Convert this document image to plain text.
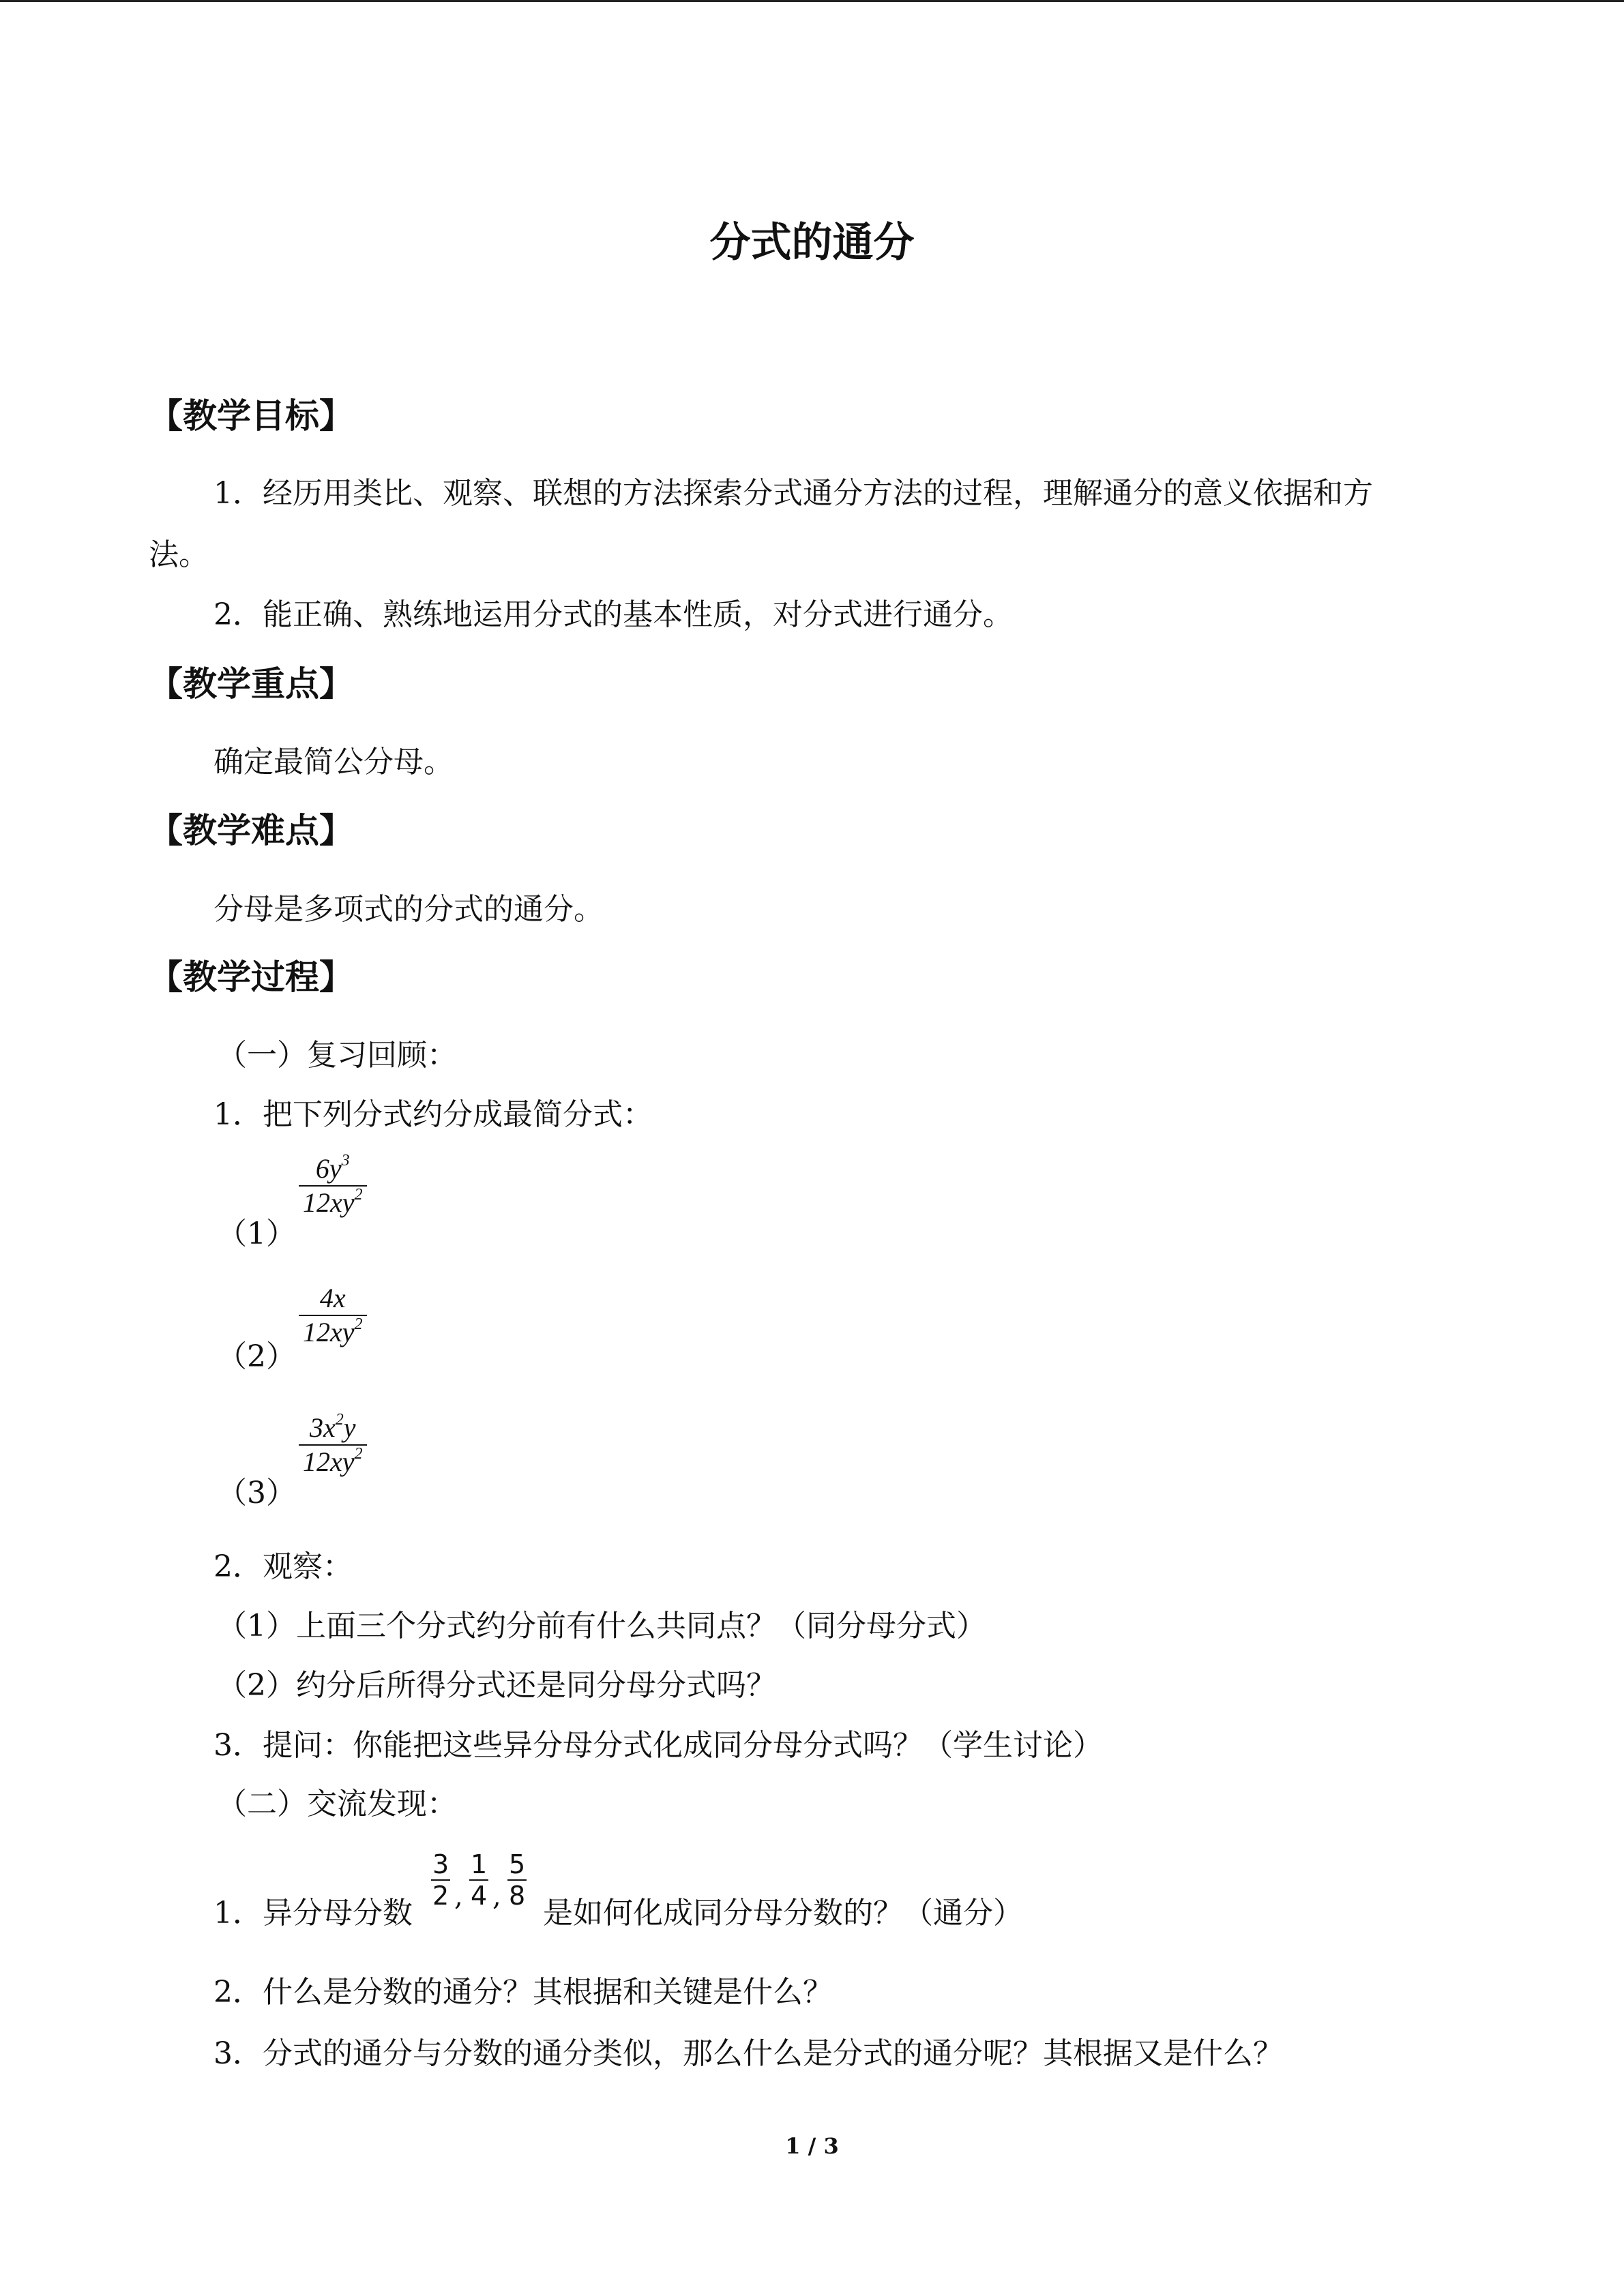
分式的通分
【教学目标】
1．经历用类比、观察、联想的方法探索分式通分方法的过程，理解通分的意义依据和方
法。
2．能正确、熟练地运用分式的基本性质，对分式进行通分。
【教学重点】
确定最简公分母。
【教学难点】
分母是多项式的分式的通分。
【教学过程】
（一）复习回顾：
1．把下列分式约分成最简分式：
（1）
$\frac{6y^3}{12xy^2}$
（2）
$\frac{4x}{12xy^2}$
（3）
$\frac{3x^2y}{12xy^2}$
2．观察：
（1）上面三个分式约分前有什么共同点？（同分母分式）
（2）约分后所得分式还是同分母分式吗？
3．提问：你能把这些异分母分式化成同分母分式吗？（学生讨论）
（二）交流发现：
1．异分母分数
$\frac{3}{2}$ , $\frac{1}{4}$ , $\frac{5}{8}$
是如何化成同分母分数的？（通分）
2．什么是分数的通分？其根据和关键是什么？
3．分式的通分与分数的通分类似，那么什么是分式的通分呢？其根据又是什么？
1 / 3
